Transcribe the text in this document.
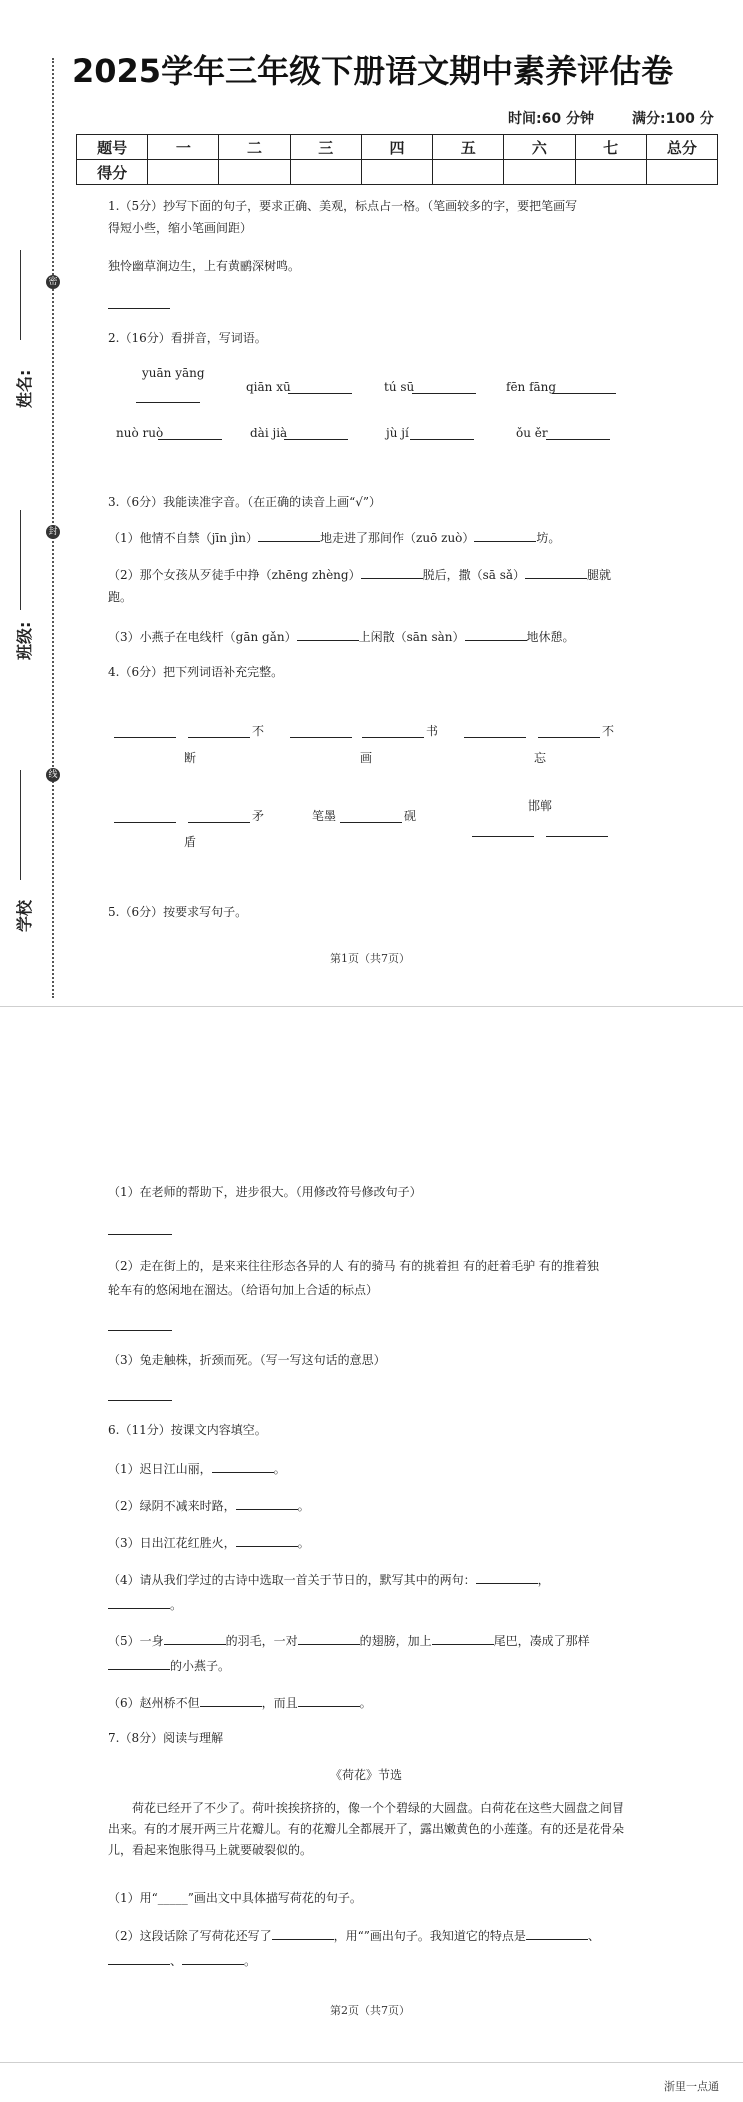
姓名:
密
班级:
封
学校
线
2025学年三年级下册语文期中素养评估卷
时间:60 分钟	满分:100 分
题号	一	二	三	四	五	六	七	总分
得分								
1.（5分）抄写下面的句子，要求正确、美观，标点占一格。（笔画较多的字，要把笔画写
得短小些，缩小笔画间距）
独怜幽草涧边生，上有黄鹂深树鸣。
2.（16分）看拼音，写词语。
yuān yāng
qiān xū	tú sū	fēn fāng
nuò ruò	dài jià	jù jí	ǒu ěr
3.（6分）我能读准字音。（在正确的读音上画“√”）
（1）他情不自禁（jīn jìn）	地走进了那间作（zuō zuò）	坊。
（2）那个女孩从歹徒手中挣（zhēng zhèng）	脱后，撒（sā sǎ）	腿就
跑。
（3）小燕子在电线杆（gān gǎn）	上闲散（sān sàn）	地休憩。
4.（6分）把下列词语补充完整。
不
断
书
画
不
忘
矛
盾
笔墨	砚
邯郸
5.（6分）按要求写句子。
第1页（共7页）
（1）在老师的帮助下，进步很大。（用修改符号修改句子）
（2）走在街上的，是来来往往形态各异的人 有的骑马 有的挑着担 有的赶着毛驴 有的推着独
轮车有的悠闲地在溜达。（给语句加上合适的标点）
（3）兔走触株，折颈而死。（写一写这句话的意思）
6.（11分）按课文内容填空。
（1）迟日江山丽，	。
（2）绿阴不减来时路，	。
（3）日出江花红胜火，	。
（4）请从我们学过的古诗中选取一首关于节日的，默写其中的两句：	，
。
（5）一身	的羽毛，一对	的翅膀，加上	尾巴，凑成了那样
的小燕子。
（6）赵州桥不但	，而且	。
7.（8分）阅读与理解
《荷花》节选
荷花已经开了不少了。荷叶挨挨挤挤的，像一个个碧绿的大圆盘。白荷花在这些大圆盘之间冒出来。有的才展开两三片花瓣儿。有的花瓣儿全都展开了，露出嫩黄色的小莲蓬。有的还是花骨朵儿，看起来饱胀得马上就要破裂似的。
（1）用“_____”画出文中具体描写荷花的句子。
（2）这段话除了写荷花还写了	，用“”画出句子。我知道它的特点是	、
、	。
第2页（共7页）
浙里一点通
